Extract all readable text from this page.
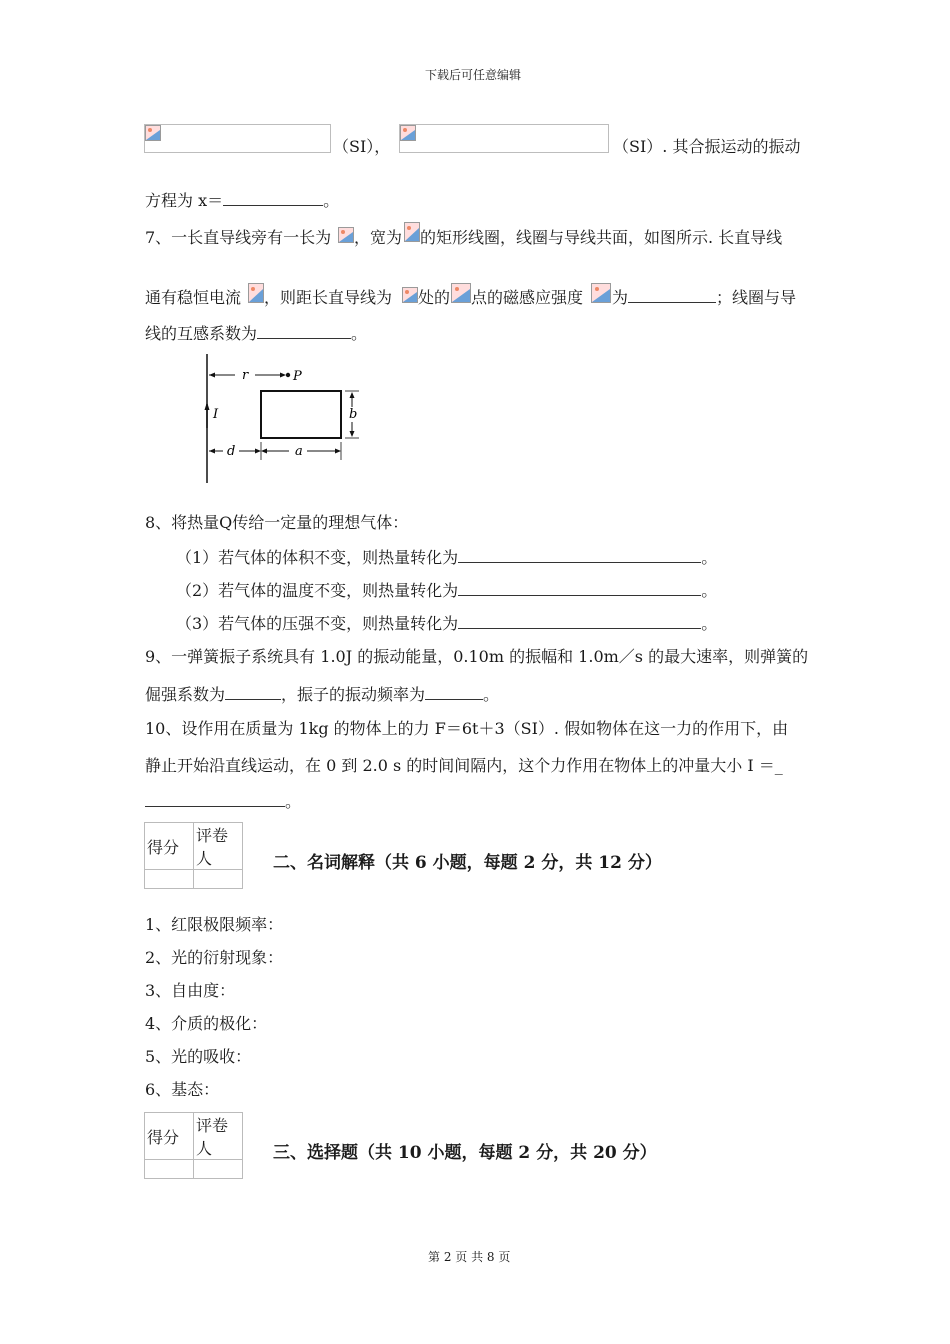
下载后可任意编辑
第 2 页 共 8 页
（SI），	（SI）. 其合振运动的振动
方程为 x＝	。
7、一长直导线旁有一长为 ，宽为 的矩形线圈，线圈与导线共面，如图所示. 长直导线
通有稳恒电流 ，则距长直导线为 处的 点的磁感应强度 为	；线圈与导
线的互感系数为	。
r	P
I	b
d	a
8、将热量Q传给一定量的理想气体：
（1）若气体的体积不变，则热量转化为	。
（2）若气体的温度不变，则热量转化为	。
（3）若气体的压强不变，则热量转化为	。
9、一弹簧振子系统具有 1.0J 的振动能量，0.10m 的振幅和 1.0m／s 的最大速率，则弹簧的
倔强系数为	，振子的振动频率为	。
10、设作用在质量为 1kg 的物体上的力 F＝6t＋3（SI）. 假如物体在这一力的作用下，由
静止开始沿直线运动，在 0 到 2.0 s 的时间间隔内，这个力作用在物体上的冲量大小 I ＝_
。
得分	评卷人
		二、名词解释（共 6 小题，每题 2 分，共 12 分）
1、红限极限频率：
2、光的衍射现象：
3、自由度：
4、介质的极化：
5、光的吸收：
6、基态：
得分	评卷人
		三、选择题（共 10 小题，每题 2 分，共 20 分）
